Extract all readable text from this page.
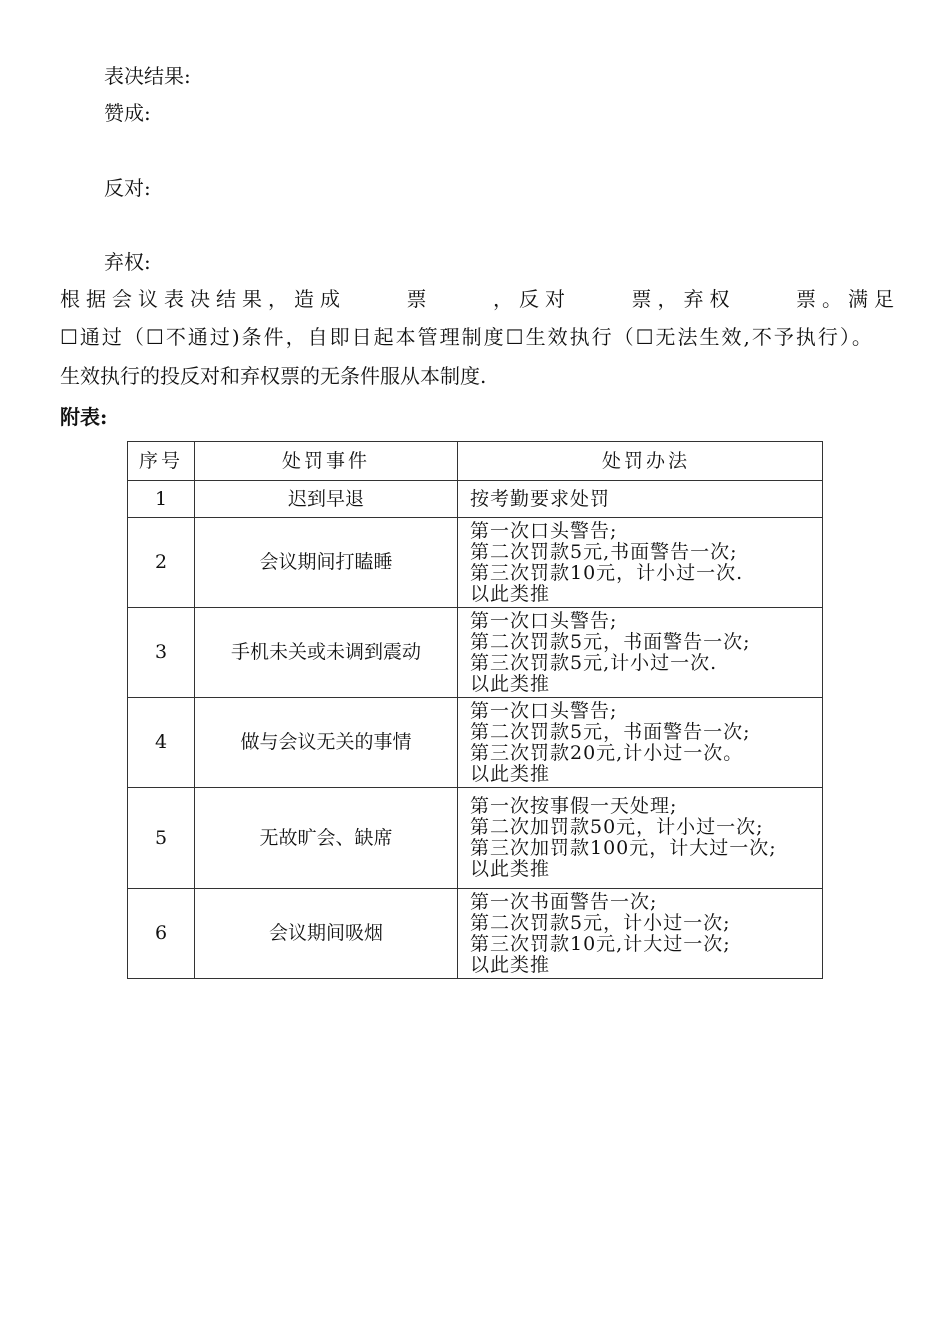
表决结果:
赞成:
反对:
弃权:
根据会议表决结果，造成	票	，反对	票，弃权	票。满足
☐通过（☐不通过)条件，自即日起本管理制度☐生效执行（☐无法生效,不予执行）。
生效执行的投反对和弃权票的无条件服从本制度.
附表:
序号	处罚事件	处罚办法
1	迟到早退	按考勤要求处罚

2	会议期间打瞌睡	第一次口头警告;
第二次罚款5元,书面警告一次;
第三次罚款10元，计小过一次.
以此类推

3	手机未关或未调到震动	第一次口头警告;
第二次罚款5元，书面警告一次;
第三次罚款5元,计小过一次.
以此类推

4	做与会议无关的事情	第一次口头警告;
第二次罚款5元，书面警告一次;
第三次罚款20元,计小过一次。
以此类推

5	无故旷会、缺席	第一次按事假一天处理;
第二次加罚款50元，计小过一次;
第三次加罚款100元，计大过一次;
以此类推

6	会议期间吸烟	第一次书面警告一次;
第二次罚款5元，计小过一次;
第三次罚款10元,计大过一次;
以此类推
